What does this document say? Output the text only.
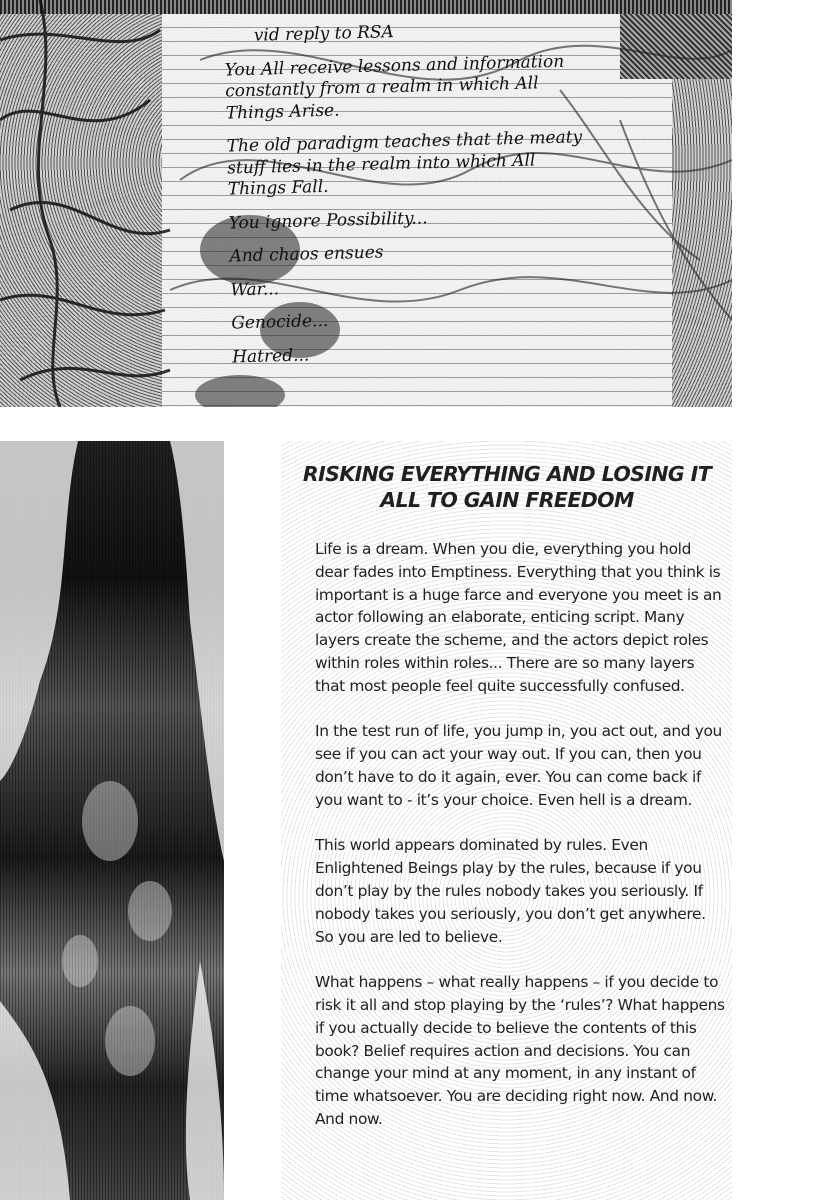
vid reply to RSA
You All receive lessons and information
constantly from a realm in which All
Things Arise.
The old paradigm teaches that the meaty
stuff lies in the realm into which All
Things Fall.
You ignore Possibility...
And chaos ensues
War...
Genocide...
Hatred...
RISKING EVERYTHING AND LOSING IT ALL TO GAIN FREEDOM

Life is a dream. When you die, everything you hold dear fades into Emptiness. Everything that you think is important is a huge farce and everyone you meet is an actor following an elaborate, enticing script. Many layers create the scheme, and the actors depict roles within roles within roles... There are so many layers that most people feel quite successfully confused.

In the test run of life, you jump in, you act out, and you see if you can act your way out. If you can, then you don’t have to do it again, ever. You can come back if you want to - it’s your choice. Even hell is a dream.

This world appears dominated by rules. Even Enlightened Beings play by the rules, because if you don’t play by the rules nobody takes you seriously. If nobody takes you seriously, you don’t get anywhere. So you are led to believe.

What happens – what really happens – if you decide to risk it all and stop playing by the ‘rules’? What happens if you actually decide to believe the contents of this book? Belief requires action and decisions. You can change your mind at any moment, in any instant of time whatsoever. You are deciding right now. And now. And now.
